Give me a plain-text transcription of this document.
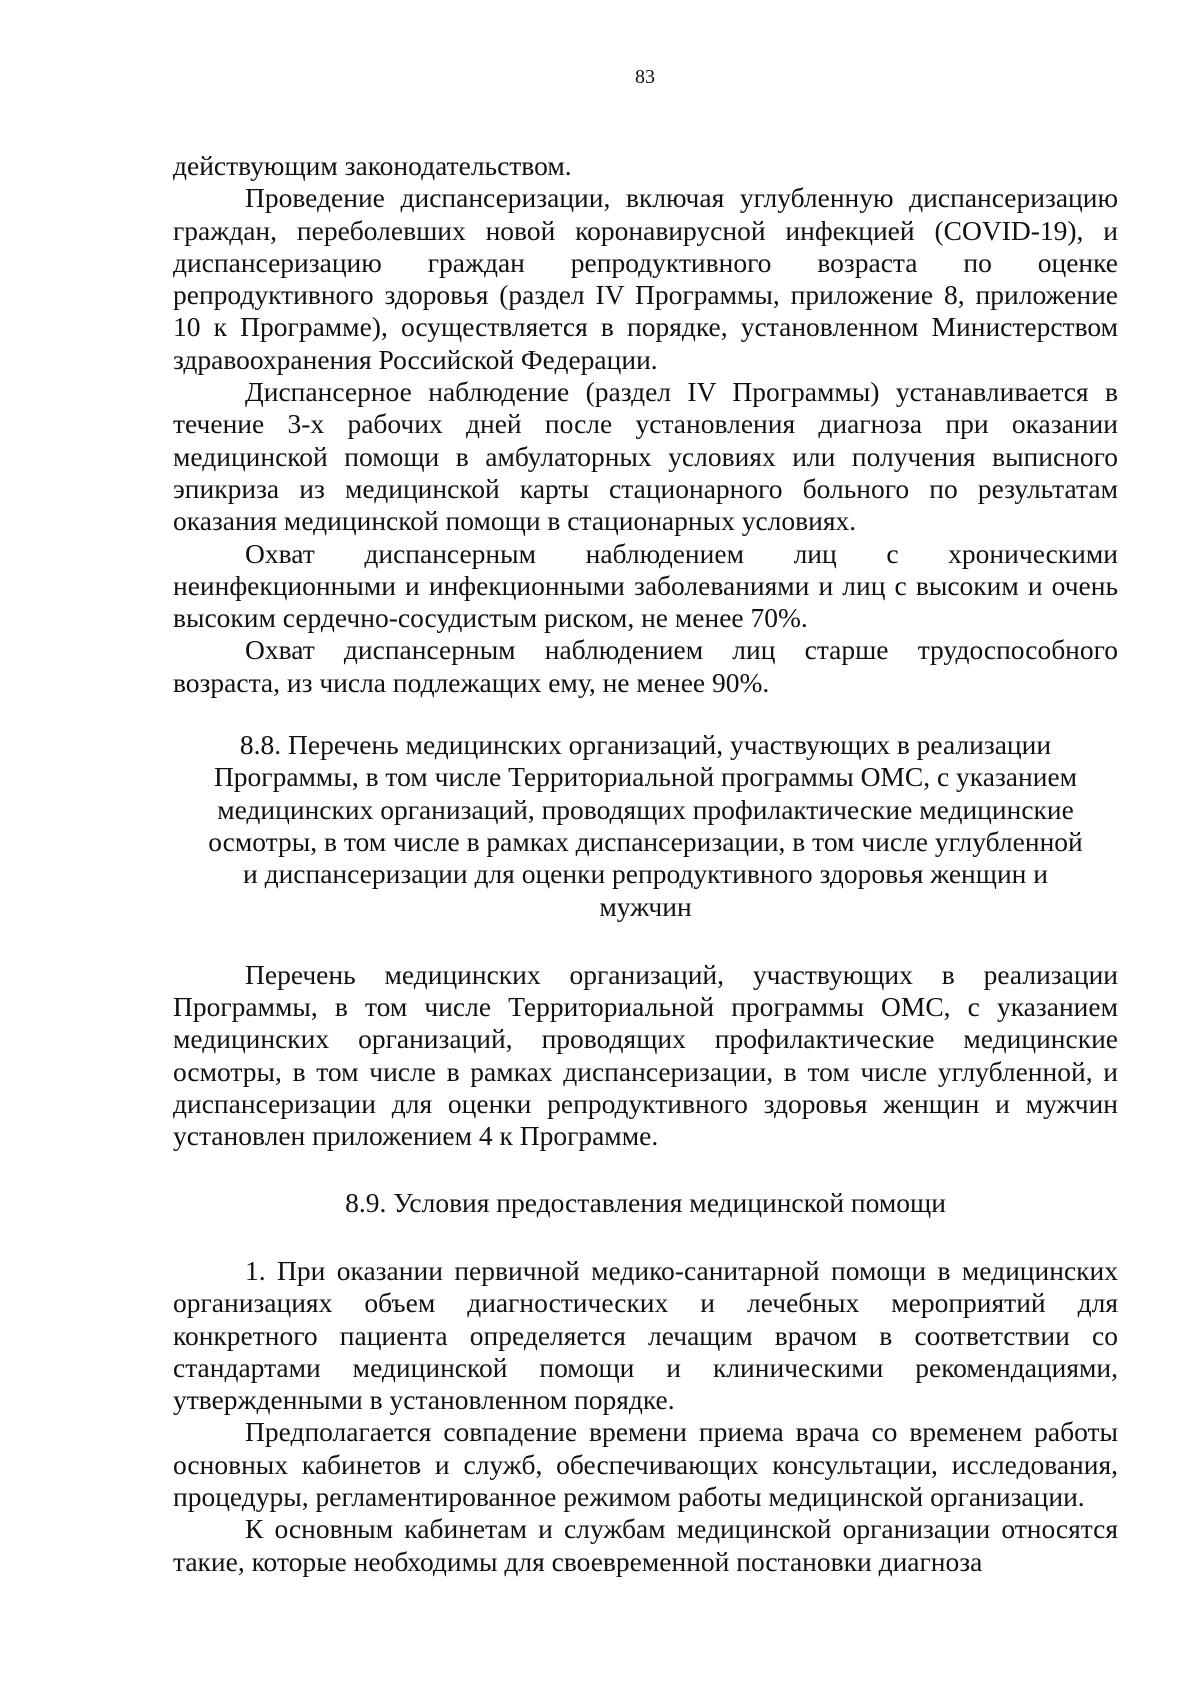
83

действующим законодательством.

Проведение диспансеризации, включая углубленную диспансеризацию граждан, переболевших новой коронавирусной инфекцией (COVID-19), и диспансеризацию граждан репродуктивного возраста по оценке репродуктивного здоровья (раздел IV Программы, приложение 8, приложение 10 к Программе), осуществляется в порядке, установленном Министерством здравоохранения Российской Федерации.

Диспансерное наблюдение (раздел IV Программы) устанавливается в течение 3-х рабочих дней после установления диагноза при оказании медицинской помощи в амбулаторных условиях или получения выписного эпикриза из медицинской карты стационарного больного по результатам оказания медицинской помощи в стационарных условиях.

Охват диспансерным наблюдением лиц с хроническими неинфекционными и инфекционными заболеваниями и лиц с высоким и очень высоким сердечно-сосудистым риском, не менее 70%.

Охват диспансерным наблюдением лиц старше трудоспособного возраста, из числа подлежащих ему, не менее 90%.

8.8. Перечень медицинских организаций, участвующих в реализации
Программы, в том числе Территориальной программы ОМС, с указанием
медицинских организаций, проводящих профилактические медицинские
осмотры, в том числе в рамках диспансеризации, в том числе углубленной
и диспансеризации для оценки репродуктивного здоровья женщин и
мужчин

Перечень медицинских организаций, участвующих в реализации Программы, в том числе Территориальной программы ОМС, с указанием медицинских организаций, проводящих профилактические медицинские осмотры, в том числе в рамках диспансеризации, в том числе углубленной, и диспансеризации для оценки репродуктивного здоровья женщин и мужчин установлен приложением 4 к Программе.

8.9. Условия предоставления медицинской помощи

1. При оказании первичной медико-санитарной помощи в медицинских организациях объем диагностических и лечебных мероприятий для конкретного пациента определяется лечащим врачом в соответствии со стандартами медицинской помощи и клиническими рекомендациями, утвержденными в установленном порядке.

Предполагается совпадение времени приема врача со временем работы основных кабинетов и служб, обеспечивающих консультации, исследования, процедуры, регламентированное режимом работы медицинской организации.

К основным кабинетам и службам медицинской организации относятся такие, которые необходимы для своевременной постановки диагноза
